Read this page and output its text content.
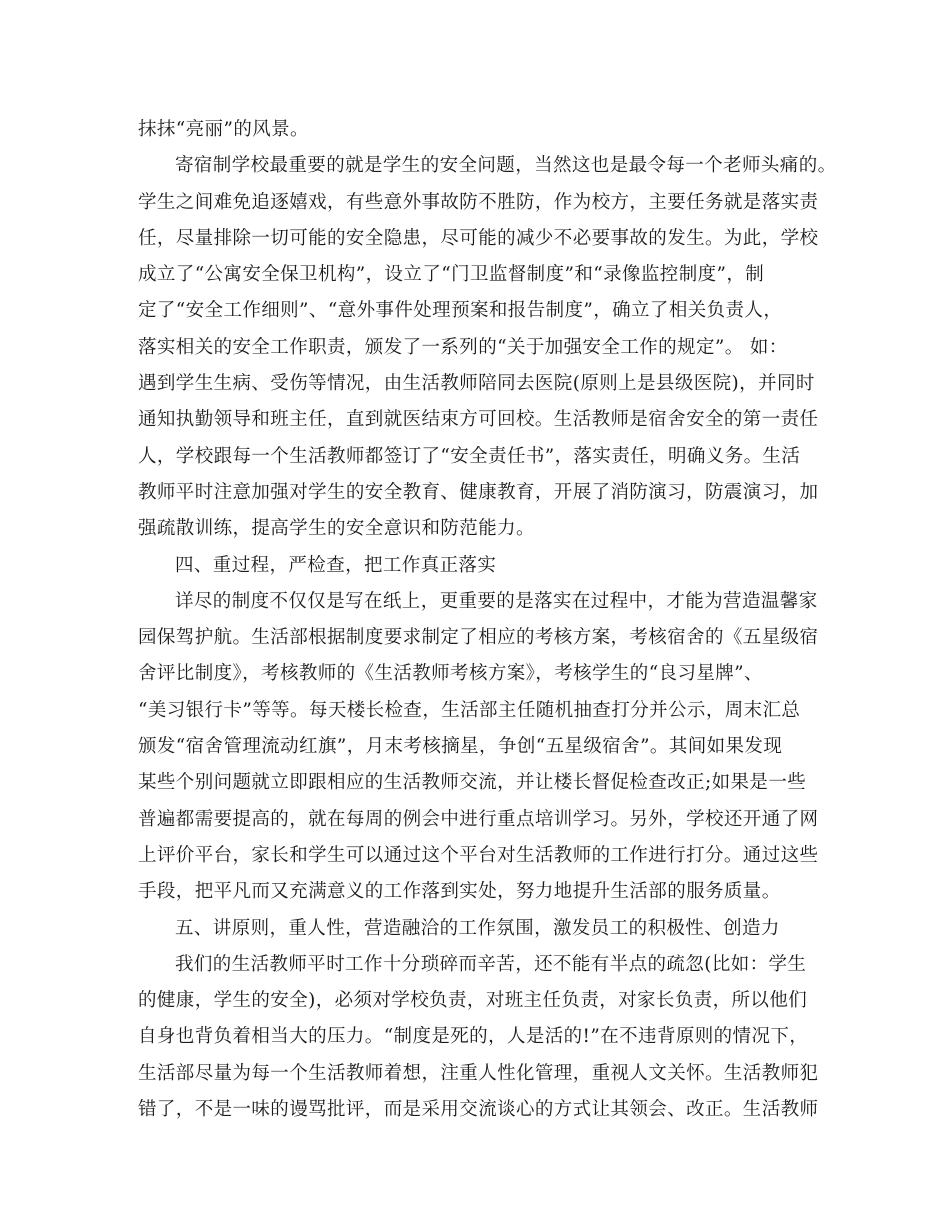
抹抹“亮丽”的风景。
寄宿制学校最重要的就是学生的安全问题，当然这也是最令每一个老师头痛的。
学生之间难免追逐嬉戏，有些意外事故防不胜防，作为校方，主要任务就是落实责
任，尽量排除一切可能的安全隐患，尽可能的减少不必要事故的发生。为此，学校
成立了“公寓安全保卫机构”，设立了“门卫监督制度”和“录像监控制度”，制
定了“安全工作细则”、“意外事件处理预案和报告制度”，确立了相关负责人，
落实相关的安全工作职责，颁发了一系列的“关于加强安全工作的规定”。 如：
遇到学生生病、受伤等情况，由生活教师陪同去医院(原则上是县级医院)，并同时
通知执勤领导和班主任，直到就医结束方可回校。生活教师是宿舍安全的第一责任
人，学校跟每一个生活教师都签订了“安全责任书”，落实责任，明确义务。生活
教师平时注意加强对学生的安全教育、健康教育，开展了消防演习，防震演习，加
强疏散训练，提高学生的安全意识和防范能力。
四、重过程，严检查，把工作真正落实
详尽的制度不仅仅是写在纸上，更重要的是落实在过程中，才能为营造温馨家
园保驾护航。生活部根据制度要求制定了相应的考核方案，考核宿舍的《五星级宿
舍评比制度》，考核教师的《生活教师考核方案》，考核学生的“良习星牌”、
“美习银行卡”等等。每天楼长检查，生活部主任随机抽查打分并公示，周末汇总
颁发“宿舍管理流动红旗”，月末考核摘星，争创“五星级宿舍”。其间如果发现
某些个别问题就立即跟相应的生活教师交流，并让楼长督促检查改正;如果是一些
普遍都需要提高的，就在每周的例会中进行重点培训学习。另外，学校还开通了网
上评价平台，家长和学生可以通过这个平台对生活教师的工作进行打分。通过这些
手段，把平凡而又充满意义的工作落到实处，努力地提升生活部的服务质量。
五、讲原则，重人性，营造融洽的工作氛围，激发员工的积极性、创造力
我们的生活教师平时工作十分琐碎而辛苦，还不能有半点的疏忽(比如：学生
的健康，学生的安全)，必须对学校负责，对班主任负责，对家长负责，所以他们
自身也背负着相当大的压力。“制度是死的，人是活的!”在不违背原则的情况下，
生活部尽量为每一个生活教师着想，注重人性化管理，重视人文关怀。生活教师犯
错了，不是一味的谩骂批评，而是采用交流谈心的方式让其领会、改正。生活教师
